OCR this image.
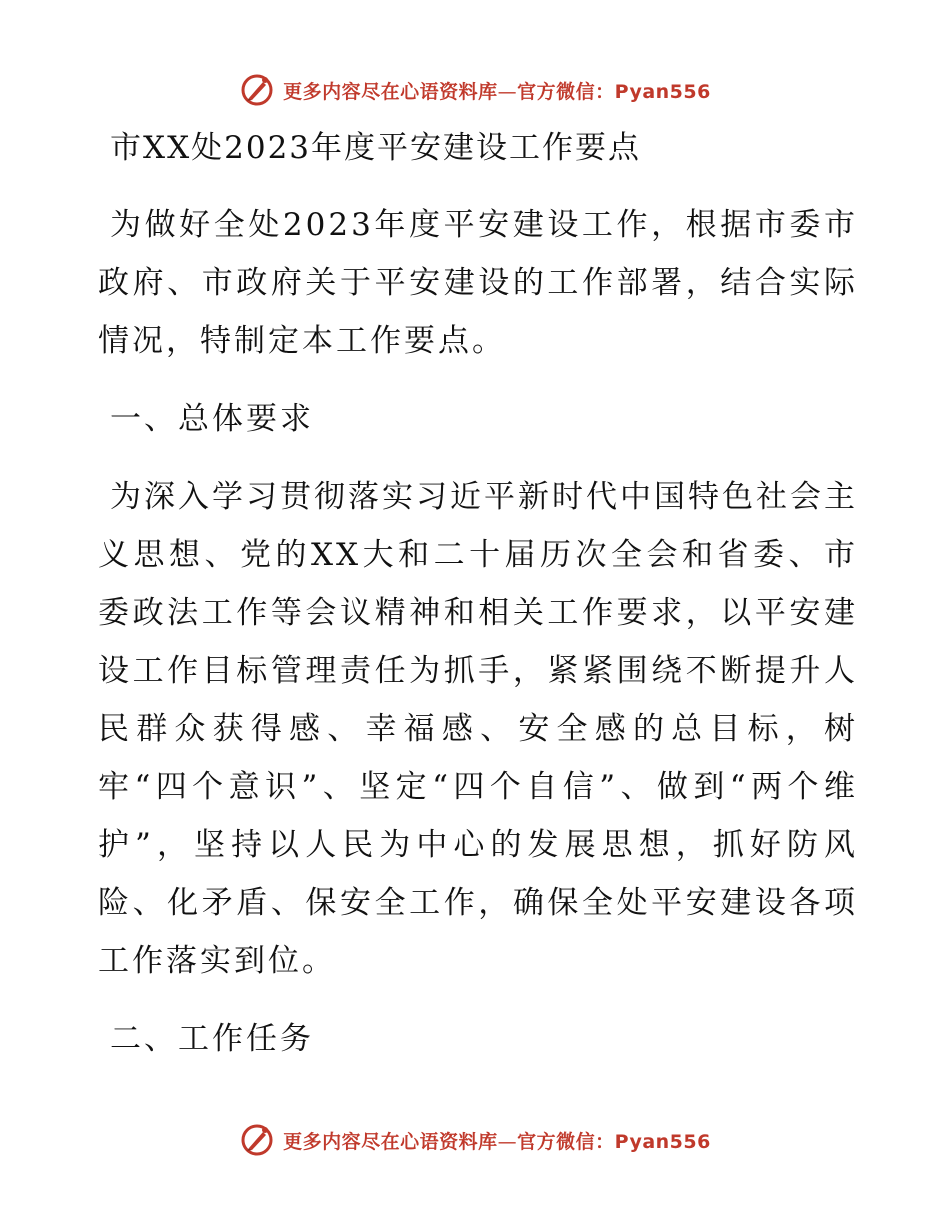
更多内容尽在心语资料库—官方微信：Pyan556
市XX处2023年度平安建设工作要点

为做好全处2023年度平安建设工作，根据市委市政府、市政府关于平安建设的工作部署，结合实际情况，特制定本工作要点。

一、总体要求

为深入学习贯彻落实习近平新时代中国特色社会主义思想、党的XX大和二十届历次全会和省委、市委政法工作等会议精神和相关工作要求，以平安建设工作目标管理责任为抓手，紧紧围绕不断提升人民群众获得感、幸福感、安全感的总目标，树牢“四个意识”、坚定“四个自信”、做到“两个维护”，坚持以人民为中心的发展思想，抓好防风险、化矛盾、保安全工作，确保全处平安建设各项工作落实到位。

二、工作任务
更多内容尽在心语资料库—官方微信：Pyan556
